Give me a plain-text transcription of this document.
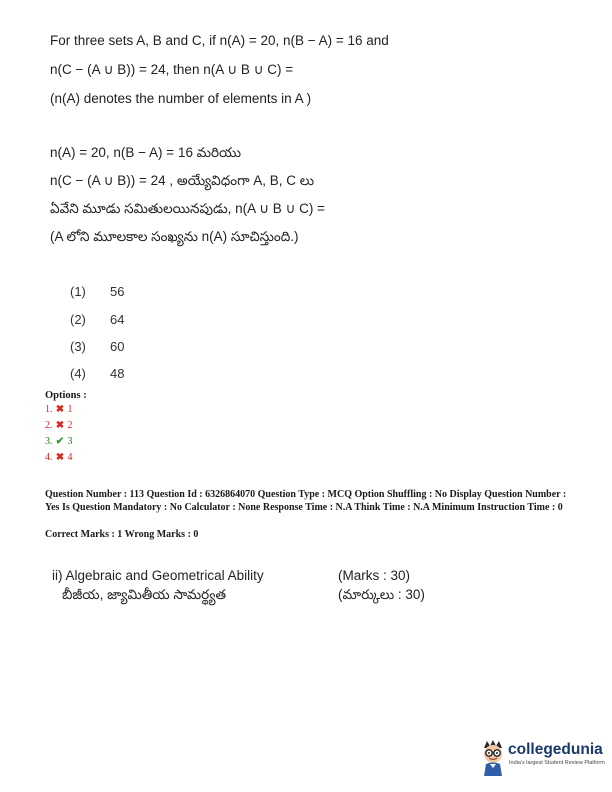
For three sets A, B and C, if n(A) = 20, n(B − A) = 16 and
n(C − (A ∪ B)) = 24, then n(A ∪ B ∪ C) =
(n(A) denotes the number of elements in A )
n(A) = 20, n(B − A) = 16 మరియు
n(C − (A ∪ B)) = 24 , అయ్యేవిధంగా A, B, C లు
ఏవేని మూడు సమితులయినపుడు, n(A ∪ B ∪ C) =
(A లోని మూలకాల సంఖ్యను n(A) సూచిస్తుంది.)
(1) 56
(2) 64
(3) 60
(4) 48
Options :
1. ✖ 1
2. ✖ 2
3. ✔ 3
4. ✖ 4
Question Number : 113 Question Id : 6326864070 Question Type : MCQ Option Shuffling : No Display Question Number : Yes Is Question Mandatory : No Calculator : None Response Time : N.A Think Time : N.A Minimum Instruction Time : 0
Correct Marks : 1 Wrong Marks : 0
ii) Algebraic and Geometrical Ability
బీజీయ, జ్యామితీయ సామర్థ్యత
(Marks : 30)
(మార్కులు : 30)
collegedunia
India's largest Student Review Platform
